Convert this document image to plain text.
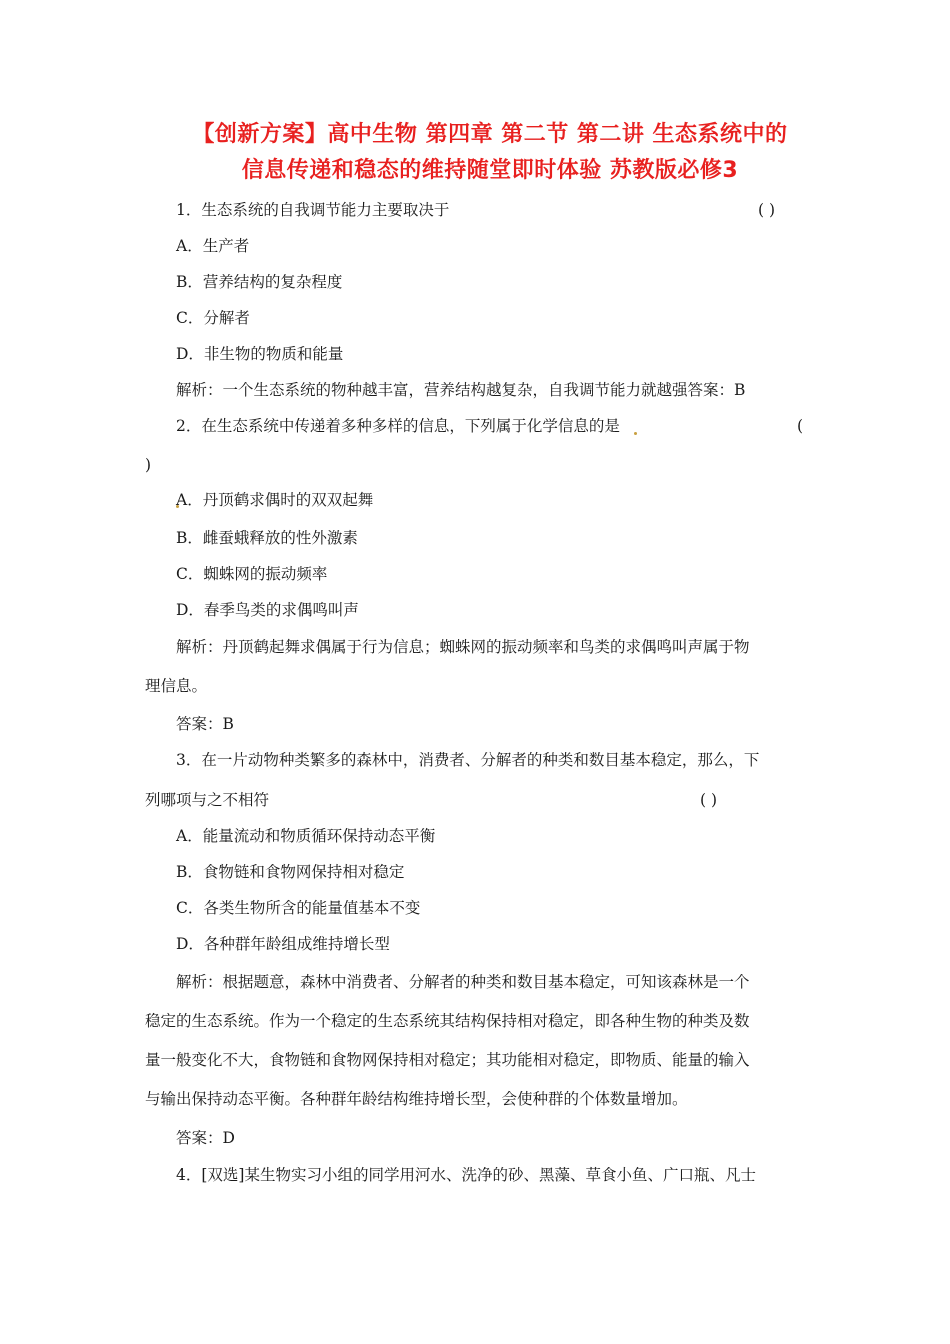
【创新方案】高中生物 第四章 第二节 第二讲 生态系统中的
信息传递和稳态的维持随堂即时体验 苏教版必修3
1．生态系统的自我调节能力主要取决于	( )
A．生产者
B．营养结构的复杂程度
C．分解者
D．非生物的物质和能量
解析：一个生态系统的物种越丰富，营养结构越复杂，自我调节能力就越强答案：B
2．在生态系统中传递着多种多样的信息，下列属于化学信息的是	(
)
A．丹顶鹤求偶时的双双起舞
B．雌蚕蛾释放的性外激素
C．蜘蛛网的振动频率
D．春季鸟类的求偶鸣叫声
解析：丹顶鹤起舞求偶属于行为信息；蜘蛛网的振动频率和鸟类的求偶鸣叫声属于物
理信息。
答案：B
3．在一片动物种类繁多的森林中，消费者、分解者的种类和数目基本稳定，那么，下
列哪项与之不相符	( )
A．能量流动和物质循环保持动态平衡
B．食物链和食物网保持相对稳定
C．各类生物所含的能量值基本不变
D．各种群年龄组成维持增长型
解析：根据题意，森林中消费者、分解者的种类和数目基本稳定，可知该森林是一个
稳定的生态系统。作为一个稳定的生态系统其结构保持相对稳定，即各种生物的种类及数
量一般变化不大，食物链和食物网保持相对稳定；其功能相对稳定，即物质、能量的输入
与输出保持动态平衡。各种群年龄结构维持增长型，会使种群的个体数量增加。
答案：D
4．[双选]某生物实习小组的同学用河水、洗净的砂、黑藻、草食小鱼、广口瓶、凡士
